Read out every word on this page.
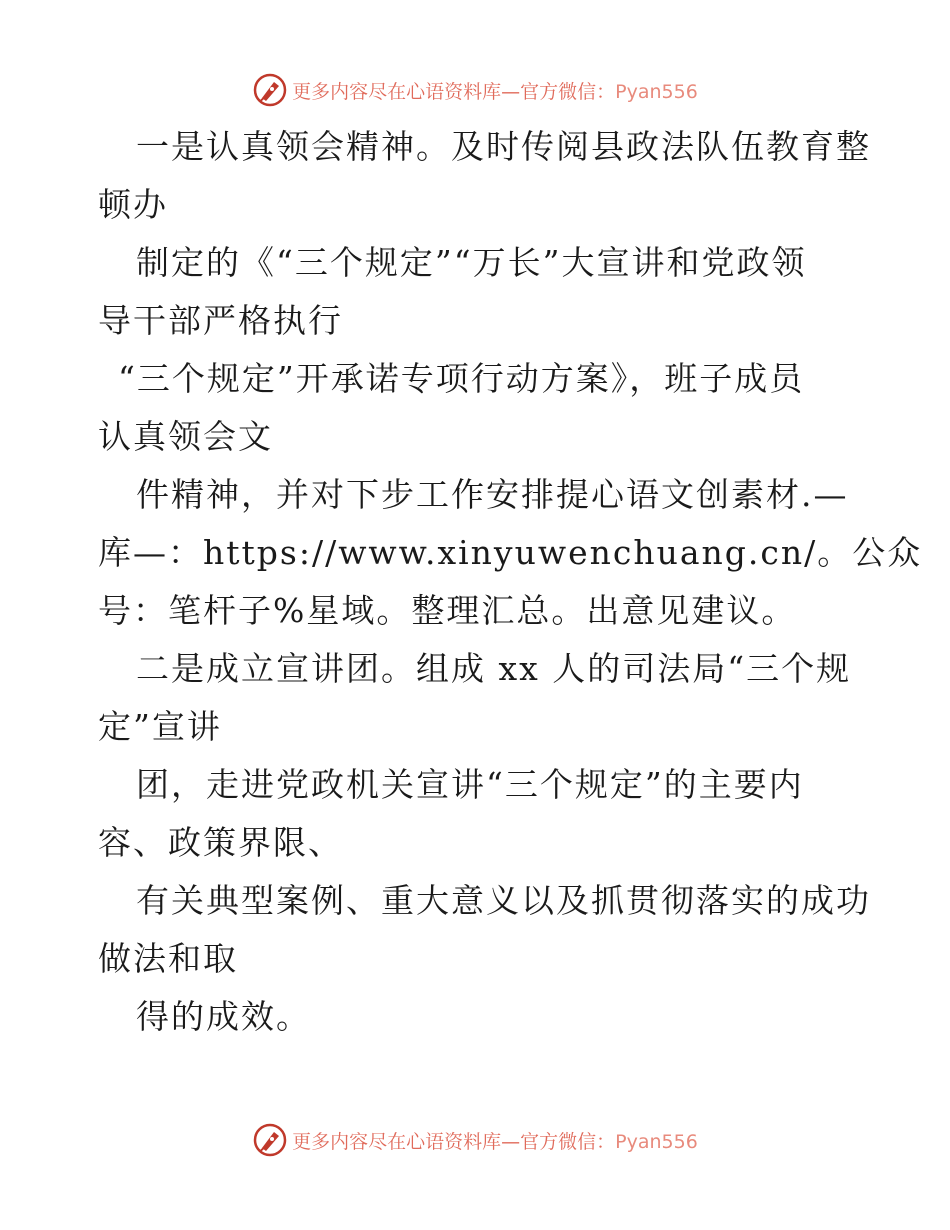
更多内容尽在心语资料库—官方微信：Pyan556
一是认真领会精神。及时传阅县政法队伍教育整
顿办
制定的《“三个规定”“万长”大宣讲和党政领
导干部严格执行
“三个规定”开承诺专项行动方案》，班子成员
认真领会文
件精神，并对下步工作安排提心语文创素材.—
库—：https://www.xinyuwenchuang.cn/。公众
号：笔杆子%星域。整理汇总。出意见建议。
二是成立宣讲团。组成 xx 人的司法局“三个规
定”宣讲
团，走进党政机关宣讲“三个规定”的主要内
容、政策界限、
有关典型案例、重大意义以及抓贯彻落实的成功
做法和取
得的成效。
更多内容尽在心语资料库—官方微信：Pyan556
